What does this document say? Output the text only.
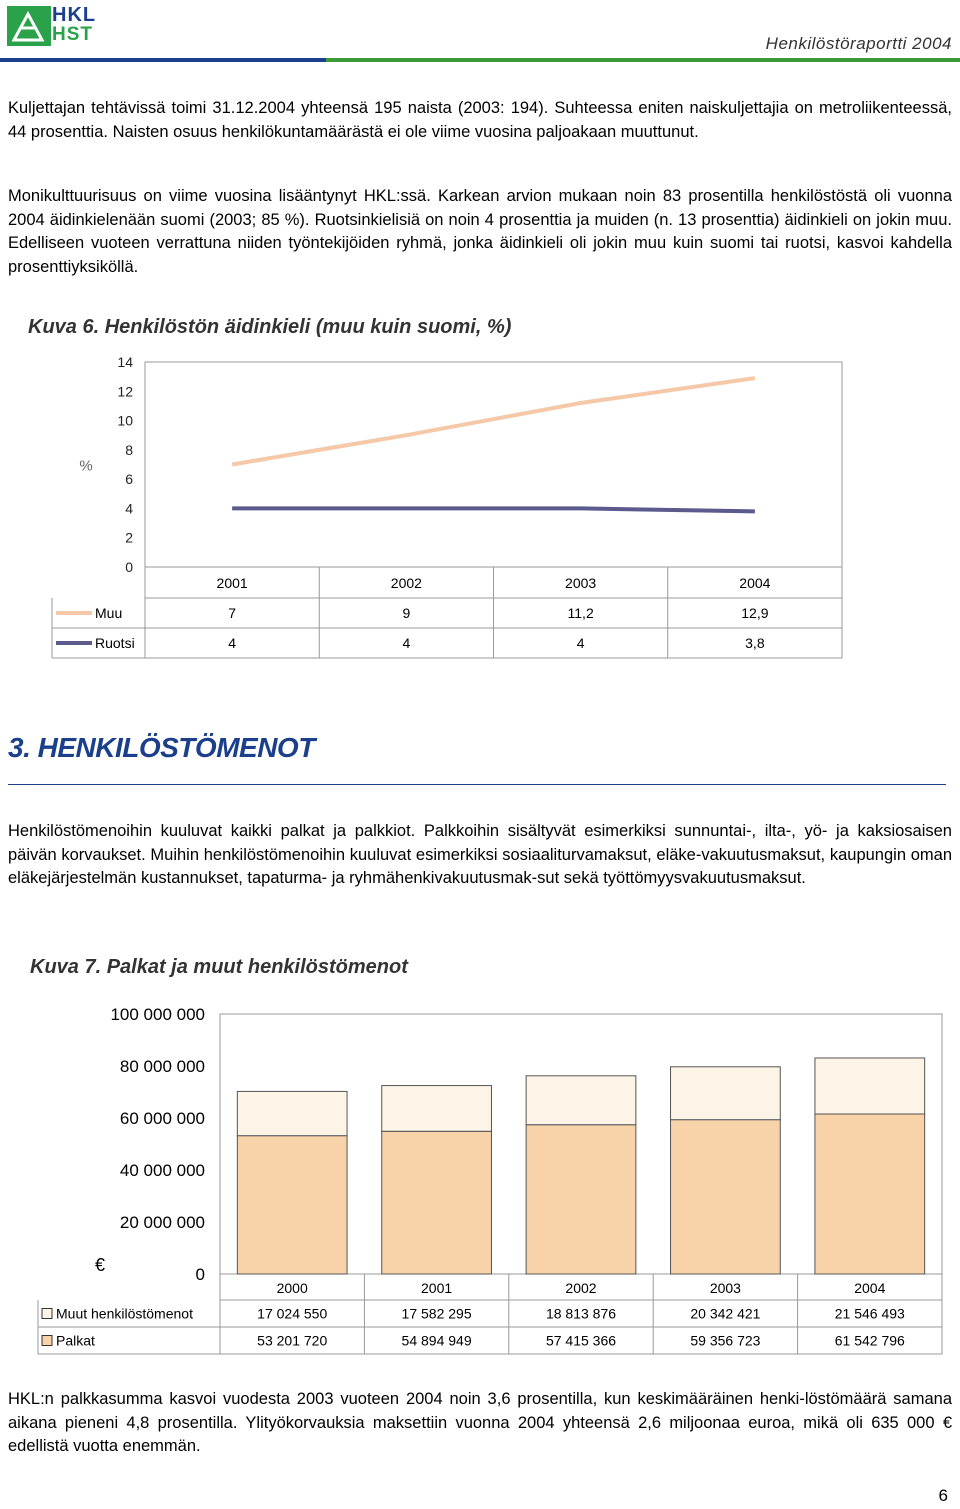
HKL
HST	Henkilöstöraportti 2004

Kuljettajan tehtävissä toimi 31.12.2004 yhteensä 195 naista (2003: 194). Suhteessa eniten naiskuljettajia on metroliikenteessä, 44 prosenttia. Naisten osuus henkilökuntamäärästä ei ole viime vuosina paljoakaan muuttunut.

Monikulttuurisuus on viime vuosina lisääntynyt HKL:ssä. Karkean arvion mukaan noin 83 prosentilla henkilöstöstä oli vuonna 2004 äidinkielenään suomi (2003; 85 %). Ruotsinkielisiä on noin 4 prosenttia ja muiden (n. 13 prosenttia) äidinkieli on jokin muu. Edelliseen vuoteen verrattuna niiden työntekijöiden ryhmä, jonka äidinkieli oli jokin muu kuin suomi tai ruotsi, kasvoi kahdella prosenttiyksiköllä.

Kuva 6. Henkilöstön äidinkieli (muu kuin suomi, %)
0
2
4
6
8
10
12
14
%
2001	2002	2003	2004
Muu	7	9	11,2	12,9
Ruotsi	4	4	4	3,8
3. HENKILÖSTÖMENOT

Henkilöstömenoihin kuuluvat kaikki palkat ja palkkiot. Palkkoihin sisältyvät esimerkiksi sunnuntai-, ilta-, yö- ja kaksiosaisen päivän korvaukset. Muihin henkilöstömenoihin kuuluvat esimerkiksi sosiaaliturvamaksut, eläke-vakuutusmaksut, kaupungin oman eläkejärjestelmän kustannukset, tapaturma- ja ryhmähenkivakuutusmak-sut sekä työttömyysvakuutusmaksut.

Kuva 7. Palkat ja muut henkilöstömenot
0
20 000 000
40 000 000
60 000 000
80 000 000
100 000 000
€
2000	2001	2002	2003	2004
Muut henkilöstömenot	17 024 550	17 582 295	18 813 876	20 342 421	21 546 493
Palkat	53 201 720	54 894 949	57 415 366	59 356 723	61 542 796

HKL:n palkkasumma kasvoi vuodesta 2003 vuoteen 2004 noin 3,6 prosentilla, kun keskimääräinen henki-löstömäärä samana aikana pieneni 4,8 prosentilla. Ylityökorvauksia maksettiin vuonna 2004 yhteensä 2,6 miljoonaa euroa, mikä oli 635 000 € edellistä vuotta enemmän.

6
